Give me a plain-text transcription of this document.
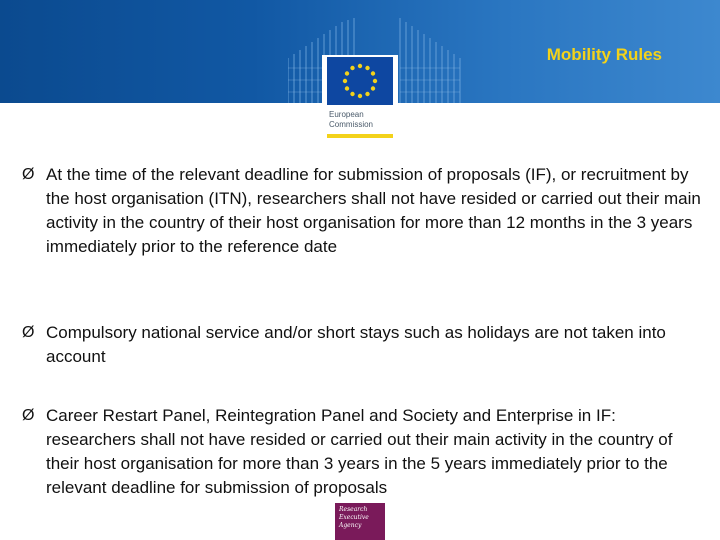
Mobility Rules
European
Commission
Ø At the time of the relevant deadline for submission of proposals (IF), or recruitment by the host organisation (ITN), researchers shall not have resided or carried out their main activity in the country of their host organisation for more than 12 months in the 3 years immediately prior to the reference date
Ø Compulsory national service and/or short stays such as holidays are not taken into account
Ø Career Restart Panel, Reintegration Panel and Society and Enterprise in IF: researchers shall not have resided or carried out their main activity in the country of their host organisation for more than 3 years in the 5 years immediately prior to the relevant deadline for submission of proposals
Research
Executive
Agency
